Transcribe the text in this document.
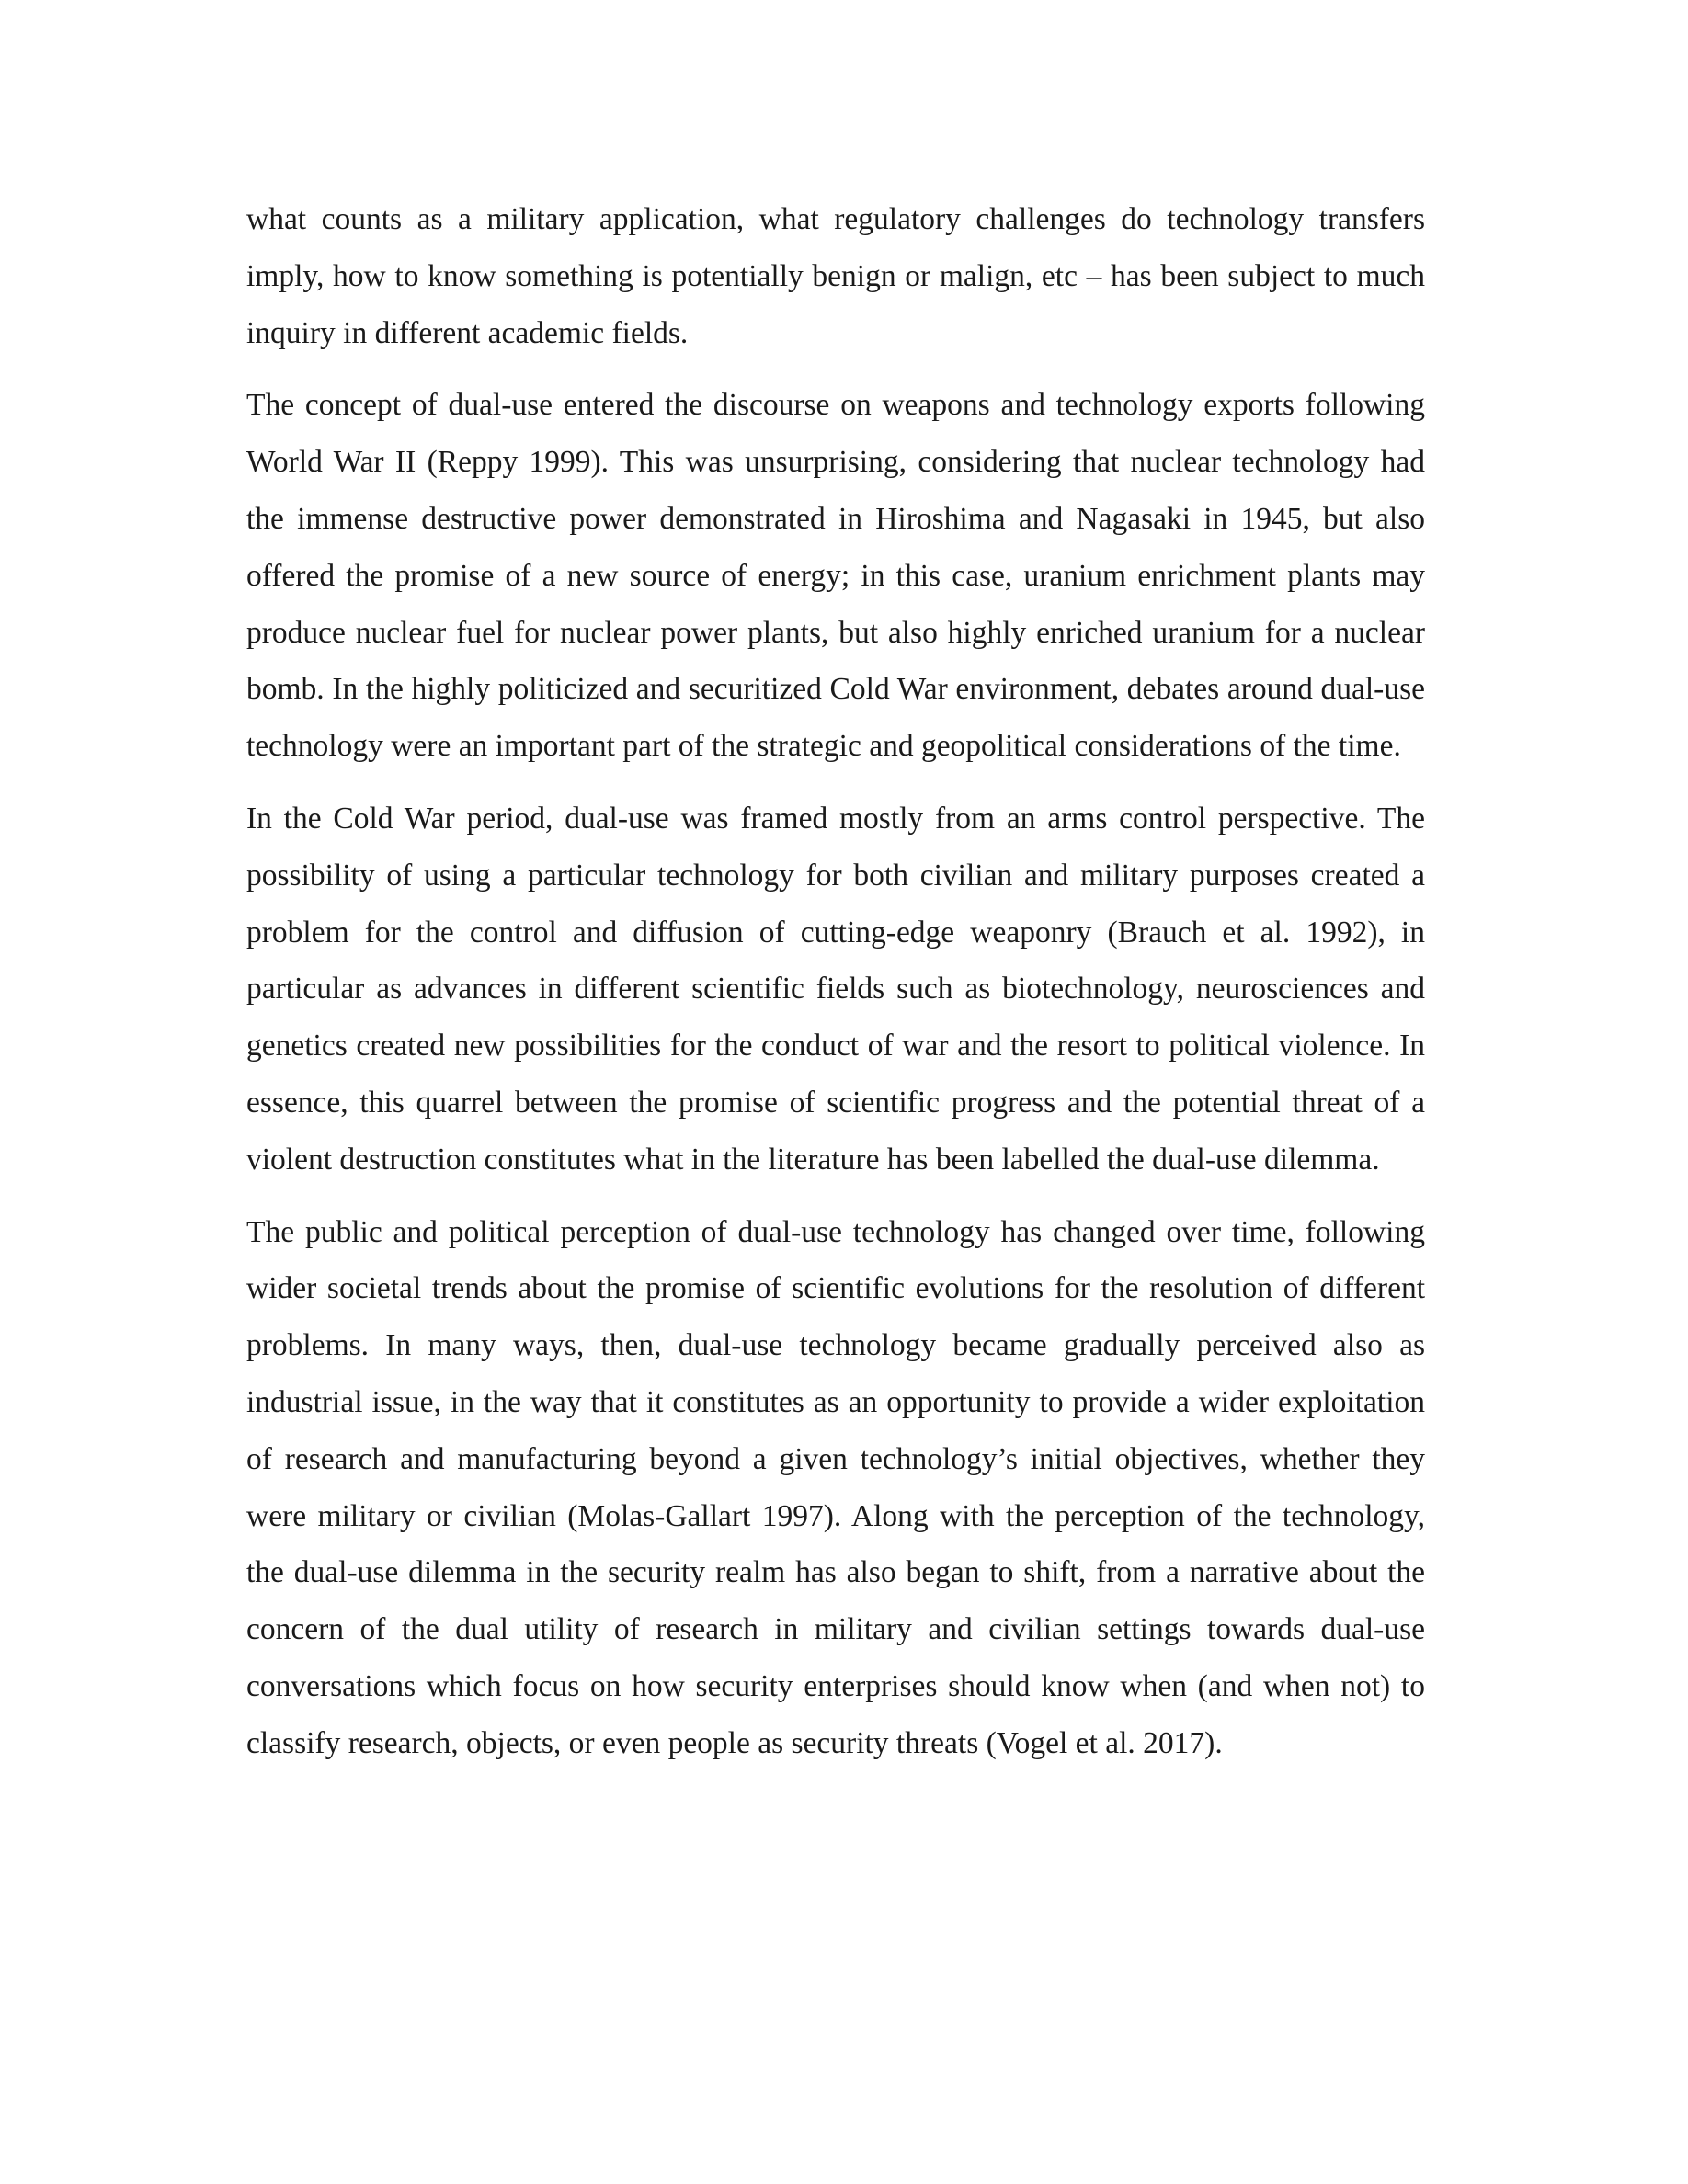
what counts as a military application, what regulatory challenges do technology transfers imply, how to know something is potentially benign or malign, etc – has been subject to much inquiry in different academic fields.

The concept of dual-use entered the discourse on weapons and technology exports following World War II (Reppy 1999). This was unsurprising, considering that nuclear technology had the immense destructive power demonstrated in Hiroshima and Nagasaki in 1945, but also offered the promise of a new source of energy; in this case, uranium enrichment plants may produce nuclear fuel for nuclear power plants, but also highly enriched uranium for a nuclear bomb. In the highly politicized and securitized Cold War environment, debates around dual-use technology were an important part of the strategic and geopolitical considerations of the time.

In the Cold War period, dual-use was framed mostly from an arms control perspective. The possibility of using a particular technology for both civilian and military purposes created a problem for the control and diffusion of cutting-edge weaponry (Brauch et al. 1992), in particular as advances in different scientific fields such as biotechnology, neurosciences and genetics created new possibilities for the conduct of war and the resort to political violence. In essence, this quarrel between the promise of scientific progress and the potential threat of a violent destruction constitutes what in the literature has been labelled the dual-use dilemma.

The public and political perception of dual-use technology has changed over time, following wider societal trends about the promise of scientific evolutions for the resolution of different problems. In many ways, then, dual-use technology became gradually perceived also as industrial issue, in the way that it constitutes as an opportunity to provide a wider exploitation of research and manufacturing beyond a given technology’s initial objectives, whether they were military or civilian (Molas-Gallart 1997). Along with the perception of the technology, the dual-use dilemma in the security realm has also began to shift, from a narrative about the concern of the dual utility of research in military and civilian settings towards dual-use conversations which focus on how security enterprises should know when (and when not) to classify research, objects, or even people as security threats (Vogel et al. 2017).
